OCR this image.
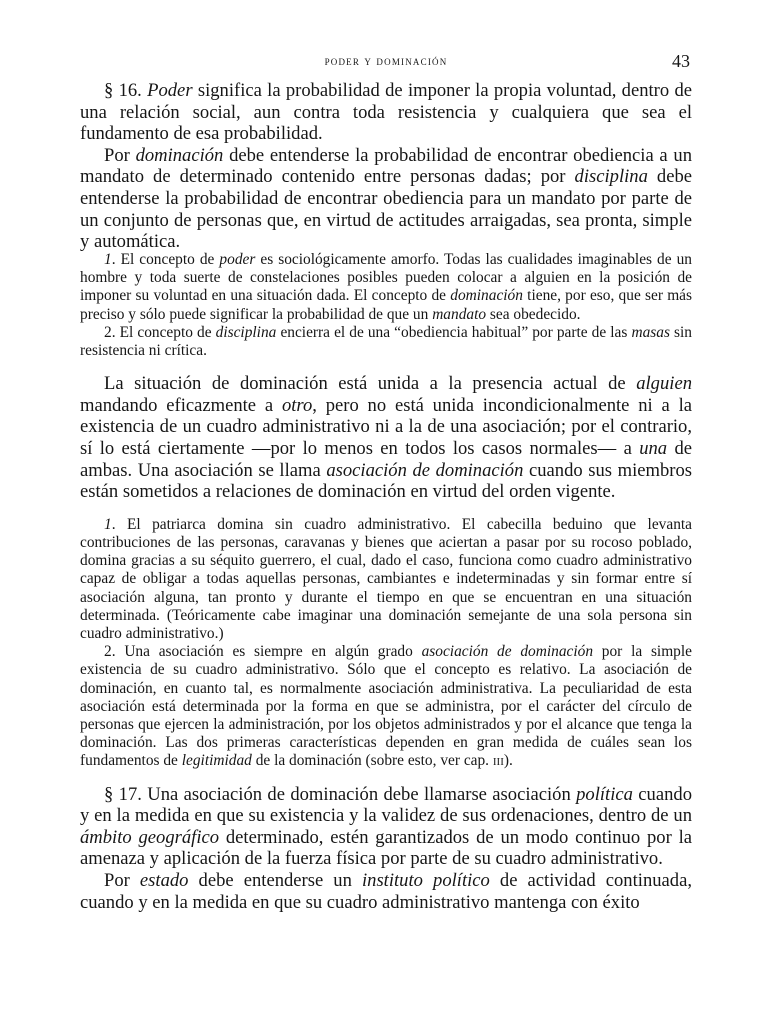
poder y dominación	43

§ 16. Poder significa la probabilidad de imponer la propia voluntad, dentro de una relación social, aun contra toda resistencia y cualquiera que sea el fundamento de esa probabilidad.

Por dominación debe entenderse la probabilidad de encontrar obediencia a un mandato de determinado contenido entre personas dadas; por disciplina debe entenderse la probabilidad de encontrar obediencia para un mandato por parte de un conjunto de personas que, en virtud de actitudes arraigadas, sea pronta, simple y automática.

1. El concepto de poder es sociológicamente amorfo. Todas las cualidades imaginables de un hombre y toda suerte de constelaciones posibles pueden colocar a alguien en la posición de imponer su voluntad en una situación dada. El concepto de dominación tiene, por eso, que ser más preciso y sólo puede significar la probabilidad de que un mandato sea obedecido.

2. El concepto de disciplina encierra el de una “obediencia habitual” por parte de las masas sin resistencia ni crítica.

La situación de dominación está unida a la presencia actual de alguien mandando eficazmente a otro, pero no está unida incondicionalmente ni a la existencia de un cuadro administrativo ni a la de una asociación; por el contrario, sí lo está ciertamente —por lo menos en todos los casos normales— a una de ambas. Una asociación se llama asociación de dominación cuando sus miembros están sometidos a relaciones de dominación en virtud del orden vigente.

1. El patriarca domina sin cuadro administrativo. El cabecilla beduino que levanta contribuciones de las personas, caravanas y bienes que aciertan a pasar por su rocoso poblado, domina gracias a su séquito guerrero, el cual, dado el caso, funciona como cuadro administrativo capaz de obligar a todas aquellas personas, cambiantes e indeterminadas y sin formar entre sí asociación alguna, tan pronto y durante el tiempo en que se encuentran en una situación determinada. (Teóricamente cabe imaginar una dominación semejante de una sola persona sin cuadro administrativo.)

2. Una asociación es siempre en algún grado asociación de dominación por la simple existencia de su cuadro administrativo. Sólo que el concepto es relativo. La asociación de dominación, en cuanto tal, es normalmente asociación administrativa. La peculiaridad de esta asociación está determinada por la forma en que se administra, por el carácter del círculo de personas que ejercen la administración, por los objetos administrados y por el alcance que tenga la dominación. Las dos primeras características dependen en gran medida de cuáles sean los fundamentos de legitimidad de la dominación (sobre esto, ver cap. iii).

§ 17. Una asociación de dominación debe llamarse asociación política cuando y en la medida en que su existencia y la validez de sus ordenaciones, dentro de un ámbito geográfico determinado, estén garantizados de un modo continuo por la amenaza y aplicación de la fuerza física por parte de su cuadro administrativo.

Por estado debe entenderse un instituto político de actividad continuada, cuando y en la medida en que su cuadro administrativo mantenga con éxito
